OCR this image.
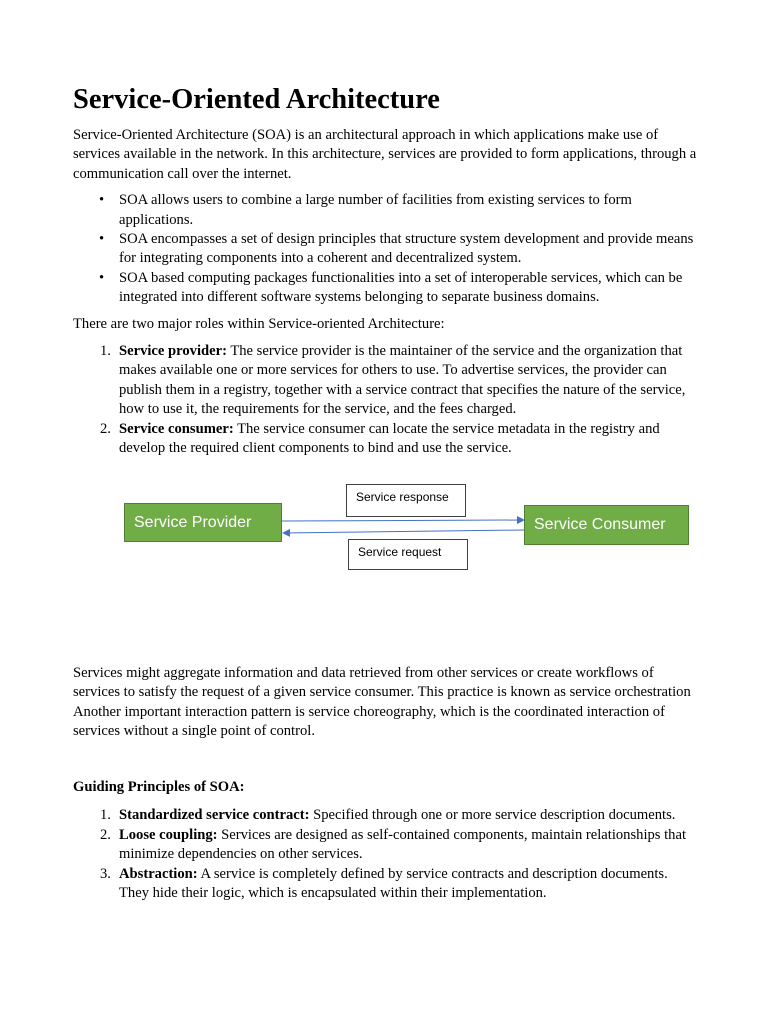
Service-Oriented Architecture

Service-Oriented Architecture (SOA) is an architectural approach in which applications make use of services available in the network. In this architecture, services are provided to form applications, through a communication call over the internet.

• SOA allows users to combine a large number of facilities from existing services to form applications.
• SOA encompasses a set of design principles that structure system development and provide means for integrating components into a coherent and decentralized system.
• SOA based computing packages functionalities into a set of interoperable services, which can be integrated into different software systems belonging to separate business domains.

There are two major roles within Service-oriented Architecture:

1. Service provider: The service provider is the maintainer of the service and the organization that makes available one or more services for others to use. To advertise services, the provider can publish them in a registry, together with a service contract that specifies the nature of the service, how to use it, the requirements for the service, and the fees charged.
2. Service consumer: The service consumer can locate the service metadata in the registry and develop the required client components to bind and use the service.
Service Provider	Service Consumer
Service response
Service request

Services might aggregate information and data retrieved from other services or create workflows of services to satisfy the request of a given service consumer. This practice is known as service orchestration Another important interaction pattern is service choreography, which is the coordinated interaction of services without a single point of control.

Guiding Principles of SOA:
1. Standardized service contract: Specified through one or more service description documents.
2. Loose coupling: Services are designed as self-contained components, maintain relationships that minimize dependencies on other services.
3. Abstraction: A service is completely defined by service contracts and description documents. They hide their logic, which is encapsulated within their implementation.
